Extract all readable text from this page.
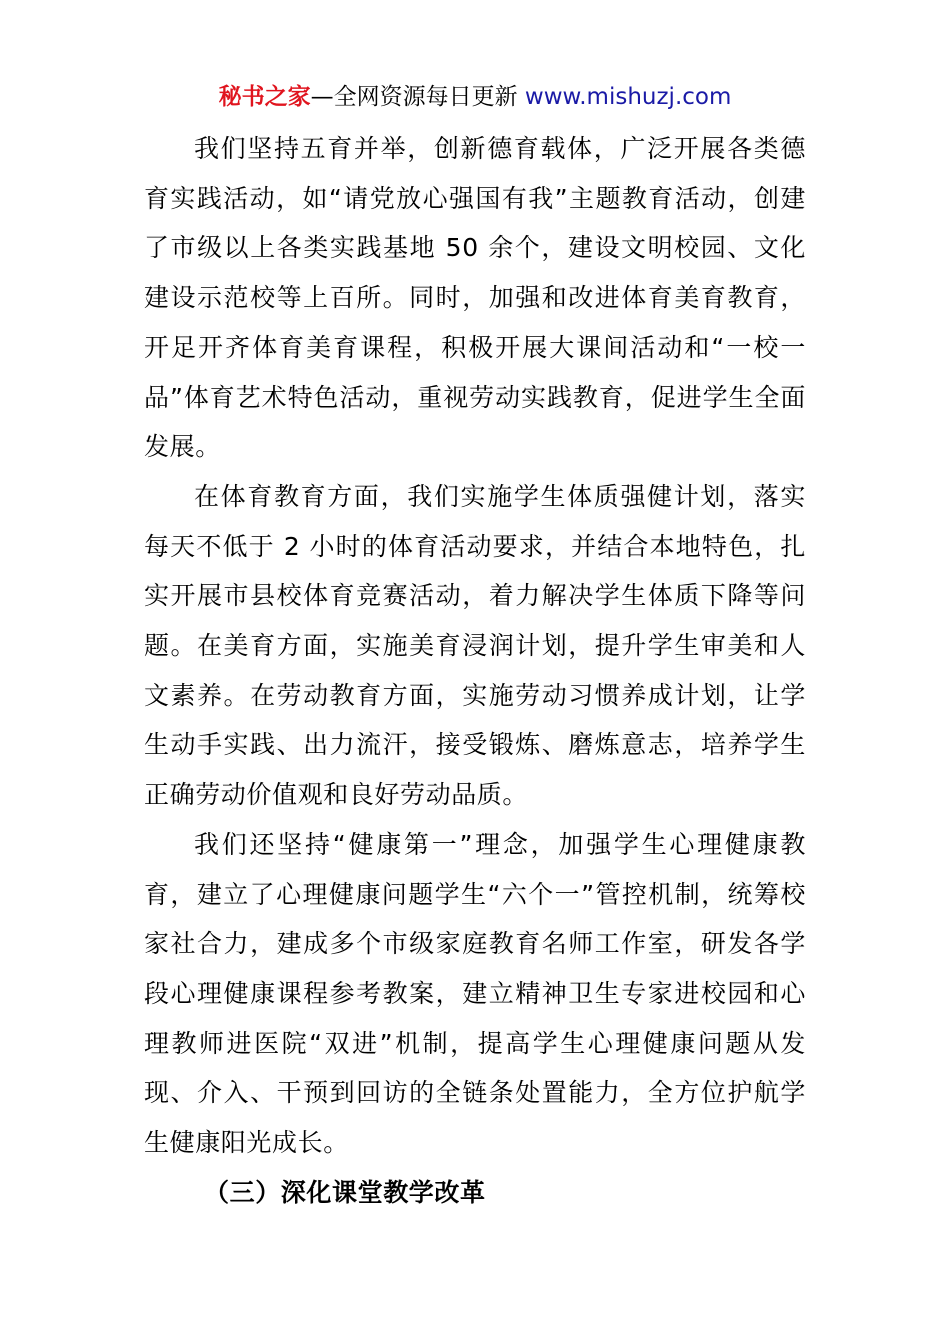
秘书之家—全网资源每日更新 www.mishuzj.com

我们坚持五育并举，创新德育载体，广泛开展各类德育实践活动，如“请党放心强国有我”主题教育活动，创建了市级以上各类实践基地 50 余个，建设文明校园、文化建设示范校等上百所。同时，加强和改进体育美育教育，开足开齐体育美育课程，积极开展大课间活动和“一校一品”体育艺术特色活动，重视劳动实践教育，促进学生全面发展。

在体育教育方面，我们实施学生体质强健计划，落实每天不低于 2 小时的体育活动要求，并结合本地特色，扎实开展市县校体育竞赛活动，着力解决学生体质下降等问题。在美育方面，实施美育浸润计划，提升学生审美和人文素养。在劳动教育方面，实施劳动习惯养成计划，让学生动手实践、出力流汗，接受锻炼、磨炼意志，培养学生正确劳动价值观和良好劳动品质。

我们还坚持“健康第一”理念，加强学生心理健康教育，建立了心理健康问题学生“六个一”管控机制，统筹校家社合力，建成多个市级家庭教育名师工作室，研发各学段心理健康课程参考教案，建立精神卫生专家进校园和心理教师进医院“双进”机制，提高学生心理健康问题从发现、介入、干预到回访的全链条处置能力，全方位护航学生健康阳光成长。

（三）深化课堂教学改革
